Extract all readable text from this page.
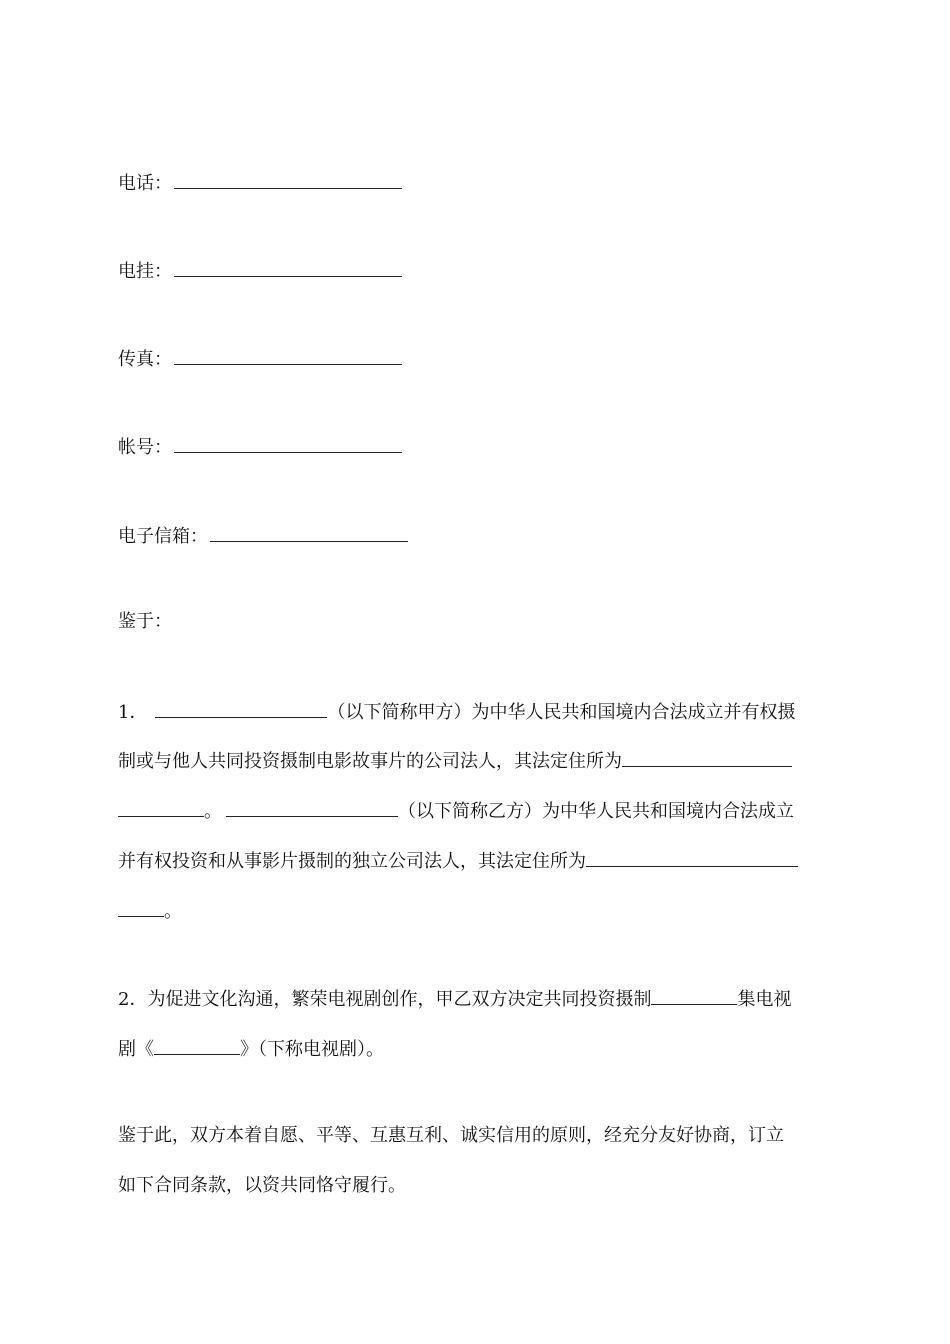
电话：
电挂：
传真：
帐号：
电子信箱：
鉴于：
1．	（以下简称甲方）为中华人民共和国境内合法成立并有权摄
制或与他人共同投资摄制电影故事片的公司法人，其法定住所为
。	（以下简称乙方）为中华人民共和国境内合法成立
并有权投资和从事影片摄制的独立公司法人，其法定住所为
。
2．为促进文化沟通，繁荣电视剧创作，甲乙双方决定共同投资摄制	集电视
剧《	》（下称电视剧）。
鉴于此，双方本着自愿、平等、互惠互利、诚实信用的原则，经充分友好协商，订立
如下合同条款，以资共同恪守履行。
